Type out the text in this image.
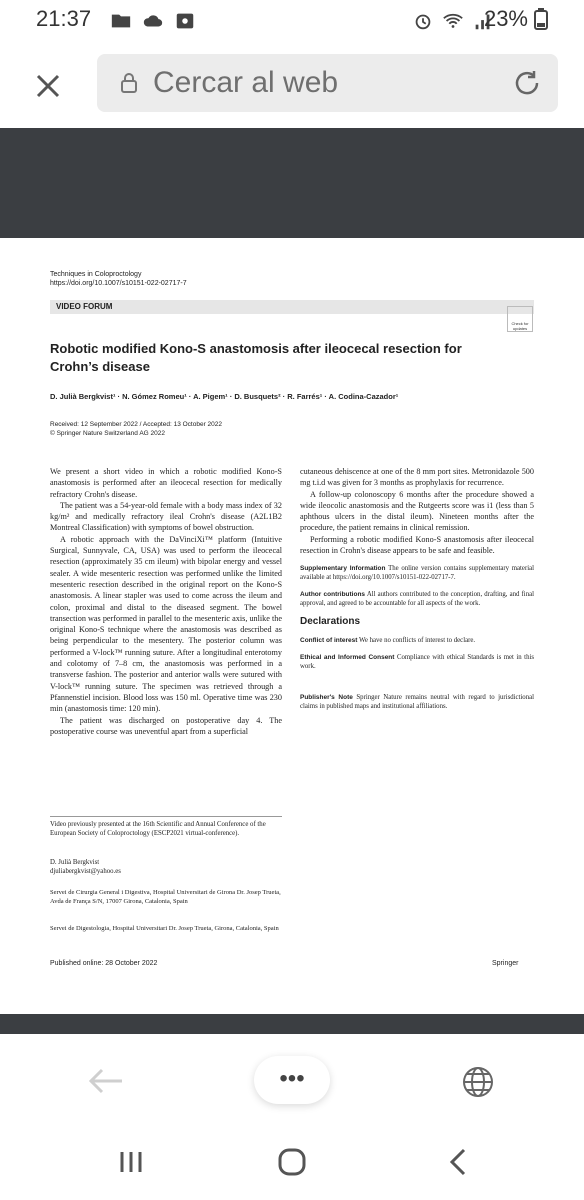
21:37	23%
Cercar al web
Techniques in Coloproctology
https://doi.org/10.1007/s10151-022-02717-7
VIDEO FORUM
Check for updates
Robotic modified Kono-S anastomosis after ileocecal resection for Crohn’s disease
D. Julià Bergkvist¹ · N. Gómez Romeu¹ · A. Pigem¹ · D. Busquets² · R. Farrés¹ · A. Codina-Cazador¹
Received: 12 September 2022 / Accepted: 13 October 2022
© Springer Nature Switzerland AG 2022

We present a short video in which a robotic modified Kono-S anastomosis is performed after an ileocecal resection for medically refractory Crohn's disease.

The patient was a 54-year-old female with a body mass index of 32 kg/m² and medically refractory ileal Crohn's disease (A2L1B2 Montreal Classification) with symptoms of bowel obstruction.

A robotic approach with the DaVinciXi™ platform (Intuitive Surgical, Sunnyvale, CA, USA) was used to perform the ileocecal resection (approximately 35 cm ileum) with bipolar energy and vessel sealer. A wide mesenteric resection was performed unlike the limited mesenteric resection described in the original report on the Kono-S anastomosis. A linear stapler was used to come across the ileum and colon, proximal and distal to the diseased segment. The bowel transection was performed in parallel to the mesenteric axis, unlike the original Kono-S technique where the anastomosis was described as being perpendicular to the mesentery. The posterior column was performed a V-lock™ running suture. After a longitudinal enterotomy and colotomy of 7–8 cm, the anastomosis was performed in a transverse fashion. The posterior and anterior walls were sutured with V-lock™ running suture. The specimen was retrieved through a Pfannenstiel incision. Blood loss was 150 ml. Operative time was 230 min (anastomosis time: 120 min).

The patient was discharged on postoperative day 4. The postoperative course was uneventful apart from a superficial

cutaneous dehiscence at one of the 8 mm port sites. Metronidazole 500 mg t.i.d was given for 3 months as prophylaxis for recurrence.

A follow-up colonoscopy 6 months after the procedure showed a wide ileocolic anastomosis and the Rutgeerts score was i1 (less than 5 aphthous ulcers in the distal ileum). Nineteen months after the procedure, the patient remains in clinical remission.

Performing a robotic modified Kono-S anastomosis after ileocecal resection in Crohn's disease appears to be safe and feasible.

Supplementary Information The online version contains supplementary material available at https://doi.org/10.1007/s10151-022-02717-7.
Author contributions All authors contributed to the conception, drafting, and final approval, and agreed to be accountable for all aspects of the work.
Declarations
Conflict of interest We have no conflicts of interest to declare.
Ethical and Informed Consent Compliance with ethical Standards is met in this work.
Publisher's Note Springer Nature remains neutral with regard to jurisdictional claims in published maps and institutional affiliations.
Video previously presented at the 16th Scientific and Annual Conference of the European Society of Coloproctology (ESCP2021 virtual-conference).
D. Julià Bergkvist
djuliabergkvist@yahoo.es
Servei de Cirurgia General i Digestiva, Hospital Universitari de Girona Dr. Josep Trueta, Avda de França S/N, 17007 Girona, Catalonia, Spain
Servei de Digestologia, Hospital Universitari Dr. Josep Trueta, Girona, Catalonia, Spain
Published online: 28 October 2022	Springer
•••
